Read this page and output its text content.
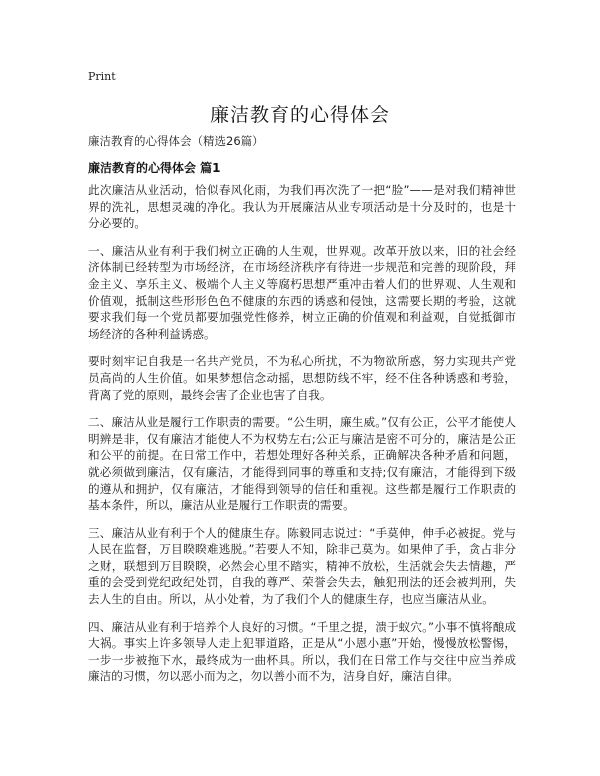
Print
廉洁教育的心得体会
廉洁教育的心得体会（精选26篇）
廉洁教育的心得体会 篇1

此次廉洁从业活动，恰似春风化雨，为我们再次洗了一把“脸”——是对我们精神世界的洗礼，思想灵魂的净化。我认为开展廉洁从业专项活动是十分及时的，也是十分必要的。

一、廉洁从业有利于我们树立正确的人生观，世界观。改革开放以来，旧的社会经济体制已经转型为市场经济，在市场经济秩序有待进一步规范和完善的现阶段，拜金主义、享乐主义、极端个人主义等腐朽思想严重冲击着人们的世界观、人生观和价值观，抵制这些形形色色不健康的东西的诱惑和侵蚀，这需要长期的考验，这就要求我们每一个党员都要加强党性修养，树立正确的价值观和利益观，自觉抵御市场经济的各种利益诱惑。

要时刻牢记自我是一名共产党员，不为私心所扰，不为物欲所惑，努力实现共产党员高尚的人生价值。如果梦想信念动摇，思想防线不牢，经不住各种诱惑和考验，背离了党的原则，最终会害了企业也害了自我。

二、廉洁从业是履行工作职责的需要。“公生明，廉生威。”仅有公正，公平才能使人明辨是非，仅有廉洁才能使人不为权势左右;公正与廉洁是密不可分的，廉洁是公正和公平的前提。在日常工作中，若想处理好各种关系，正确解决各种矛盾和问题，就必须做到廉洁，仅有廉洁，才能得到同事的尊重和支持;仅有廉洁，才能得到下级的遵从和拥护，仅有廉洁，才能得到领导的信任和重视。这些都是履行工作职责的基本条件，所以，廉洁从业是履行工作职责的需要。

三、廉洁从业有利于个人的健康生存。陈毅同志说过：“手莫伸，伸手必被捉。党与人民在监督，万目睽睽难逃脱。”若要人不知，除非己莫为。如果伸了手，贪占非分之财，联想到万目睽睽，必然会心里不踏实，精神不放松，生活就会失去情趣，严重的会受到党纪政纪处罚，自我的尊严、荣誉会失去，触犯刑法的还会被判刑，失去人生的自由。所以，从小处着，为了我们个人的健康生存，也应当廉洁从业。

四、廉洁从业有利于培养个人良好的习惯。“千里之提，溃于蚁穴。”小事不慎将酿成大祸。事实上许多领导人走上犯罪道路，正是从“小恩小惠”开始，慢慢放松警惕，一步一步被拖下水，最终成为一曲杯具。所以，我们在日常工作与交往中应当养成廉洁的习惯，勿以恶小而为之，勿以善小而不为，洁身自好，廉洁自律。
